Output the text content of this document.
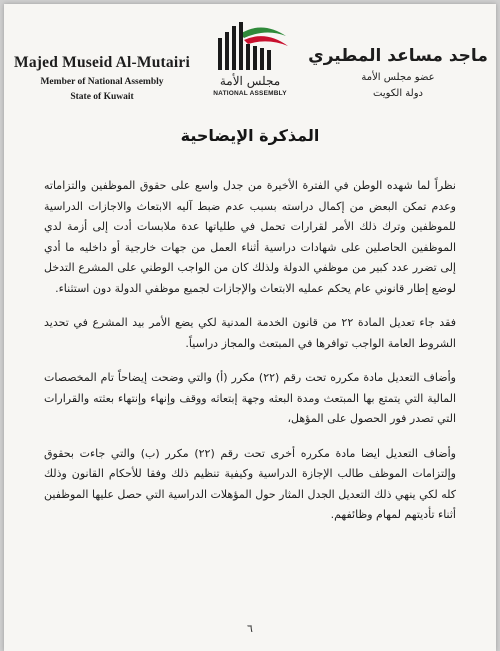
Majed Museid Al-Mutairi
Member of National Assembly
State of Kuwait
مجلس الأمة
NATIONAL ASSEMBLY
ماجد مساعد المطيري
عضو مجلس الأمة
دولة الكويت
المذكرة الإيضاحية

نظراً لما شهده الوطن في الفترة الأخيرة من جدل واسع على حقوق الموظفين والتزاماته وعدم تمكن البعض من إكمال دراسته بسبب عدم ضبط آليه الابتعاث والاجازات الدراسية للموظفين وترك ذلك الأمر لقرارات تحمل في طلياتها عدة ملابسات أدت إلى أزمة لدي الموظفين الحاصلين على شهادات دراسية أثناء العمل من جهات خارجية أو داخليه ما أدي إلى تضرر عدد كبير من موظفي الدولة ولذلك كان من الواجب الوطني على المشرع التدخل لوضع إطار قانوني عام يحكم عمليه الابتعاث والإجازات لجميع موظفي الدولة دون استثناء.

فقد جاء تعديل المادة ٢٢ من قانون الخدمة المدنية لكي يضع الأمر بيد المشرع في تحديد الشروط العامة الواجب توافرها في المبتعث والمجاز دراسياً.

وأضاف التعديل مادة مكرره تحت رقم (٢٢) مكرر (أ) والتي وضحت إيضاحاً تام المخصصات المالية التي يتمتع بها المبتعث ومدة البعثه وجهة إبتعاثه ووقف وإنهاء وإنتهاء بعثته والقرارات التي تصدر فور الحصول على المؤهل،

وأضاف التعديل ايضا مادة مكرره أخرى تحت رقم (٢٢) مكرر (ب) والتي جاءت بحقوق وإلتزامات الموظف طالب الإجازة الدراسية وكيفية تنظيم ذلك وفقا للأحكام القانون وذلك كله لكي ينهي ذلك التعديل الجدل المثار حول المؤهلات الدراسية التي حصل عليها الموظفين أثناء تأديتهم لمهام وظائفهم.

٦
